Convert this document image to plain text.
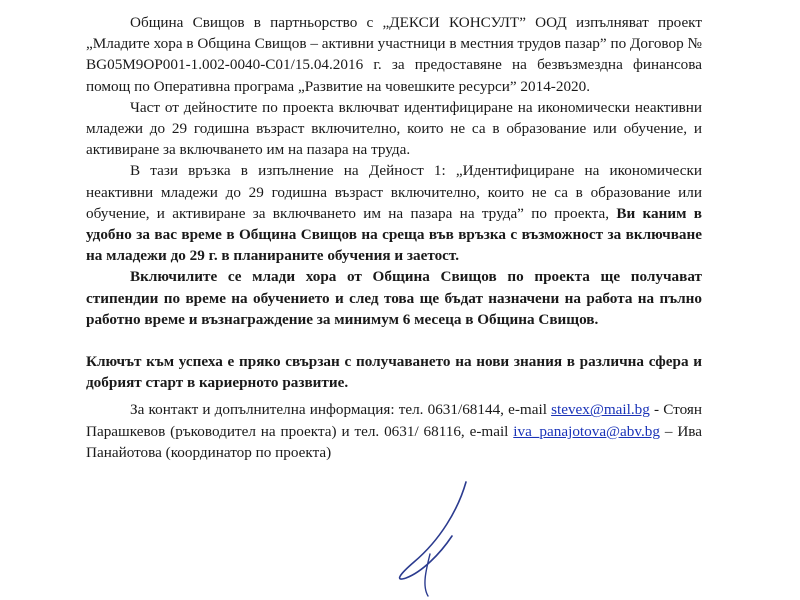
Община Свищов в партньорство с „ДЕКСИ КОНСУЛТ” ООД изпълняват проект „Младите хора в Община Свищов – активни участници в местния трудов пазар” по Договор № BG05M9OP001-1.002-0040-C01/15.04.2016 г. за предоставяне на безвъзмездна финансова помощ по Оперативна програма „Развитие на човешките ресурси” 2014-2020.

Част от дейностите по проекта включват идентифициране на икономически неактивни младежи до 29 годишна възраст включително, които не са в образование или обучение, и активиране за включването им на пазара на труда.

В тази връзка в изпълнение на Дейност 1: „Идентифициране на икономически неактивни младежи до 29 годишна възраст включително, които не са в образование или обучение, и активиране за включването им на пазара на труда” по проекта, Ви каним в удобно за вас време в Община Свищов на среща във връзка с възможност за включване на младежи до 29 г. в планираните обучения и заетост.

Включилите се млади хора от Община Свищов по проекта ще получават стипендии по време на обучението и след това ще бъдат назначени на работа на пълно работно време и възнаграждение за минимум 6 месеца в Община Свищов.

Ключът към успеха е пряко свързан с получаването на нови знания в различна сфера и добрият старт в кариерното развитие.

За контакт и допълнителна информация: тел. 0631/68144, e-mail stevex@mail.bg - Стоян Парашкевов (ръководител на проекта) и тел. 0631/ 68116, e-mail iva_panajotova@abv.bg – Ива Панайотова (координатор по проекта)
